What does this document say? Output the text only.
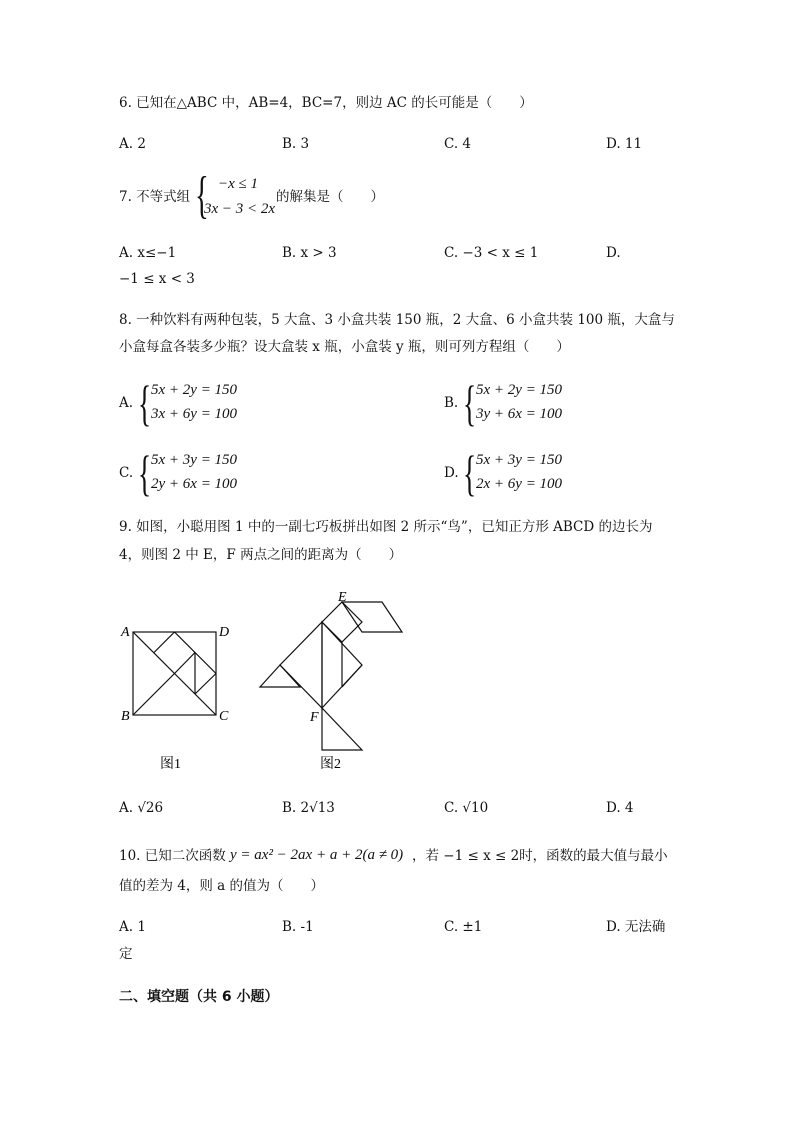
6. 已知在△ABC 中，AB=4，BC=7，则边 AC 的长可能是（　　）
A. 2	B. 3	C. 4	D. 11
7. 不等式组 { −x ≤ 1
3x − 3 < 2x
的解集是（　　）
A. x≤−1	B. x > 3	C. −3 < x ≤ 1	D.
−1 ≤ x < 3
8. 一种饮料有两种包装，5 大盒、3 小盒共装 150 瓶，2 大盒、6 小盒共装 100 瓶，大盒与
小盒每盒各装多少瓶？设大盒装 x 瓶，小盒装 y 瓶，则可列方程组（　　）
A. { 5x + 2y = 150
3x + 6y = 100
B. { 5x + 2y = 150
3y + 6x = 100
C. { 5x + 3y = 150
2y + 6x = 100
D. { 5x + 3y = 150
2x + 6y = 100
9. 如图，小聪用图 1 中的一副七巧板拼出如图 2 所示“鸟”，已知正方形 ABCD 的边长为
4，则图 2 中 E，F 两点之间的距离为（　　）
A	D
B	C
图1
E
F
图2
A. √26	B. 2√13	C. √10	D. 4
10. 已知二次函数 y = ax² − 2ax + a + 2(a ≠ 0) ，若 −1 ≤ x ≤ 2时，函数的最大值与最小
值的差为 4，则 a 的值为（　　）
A. 1	B. -1	C. ±1	D. 无法确
定
二、填空题（共 6 小题）
